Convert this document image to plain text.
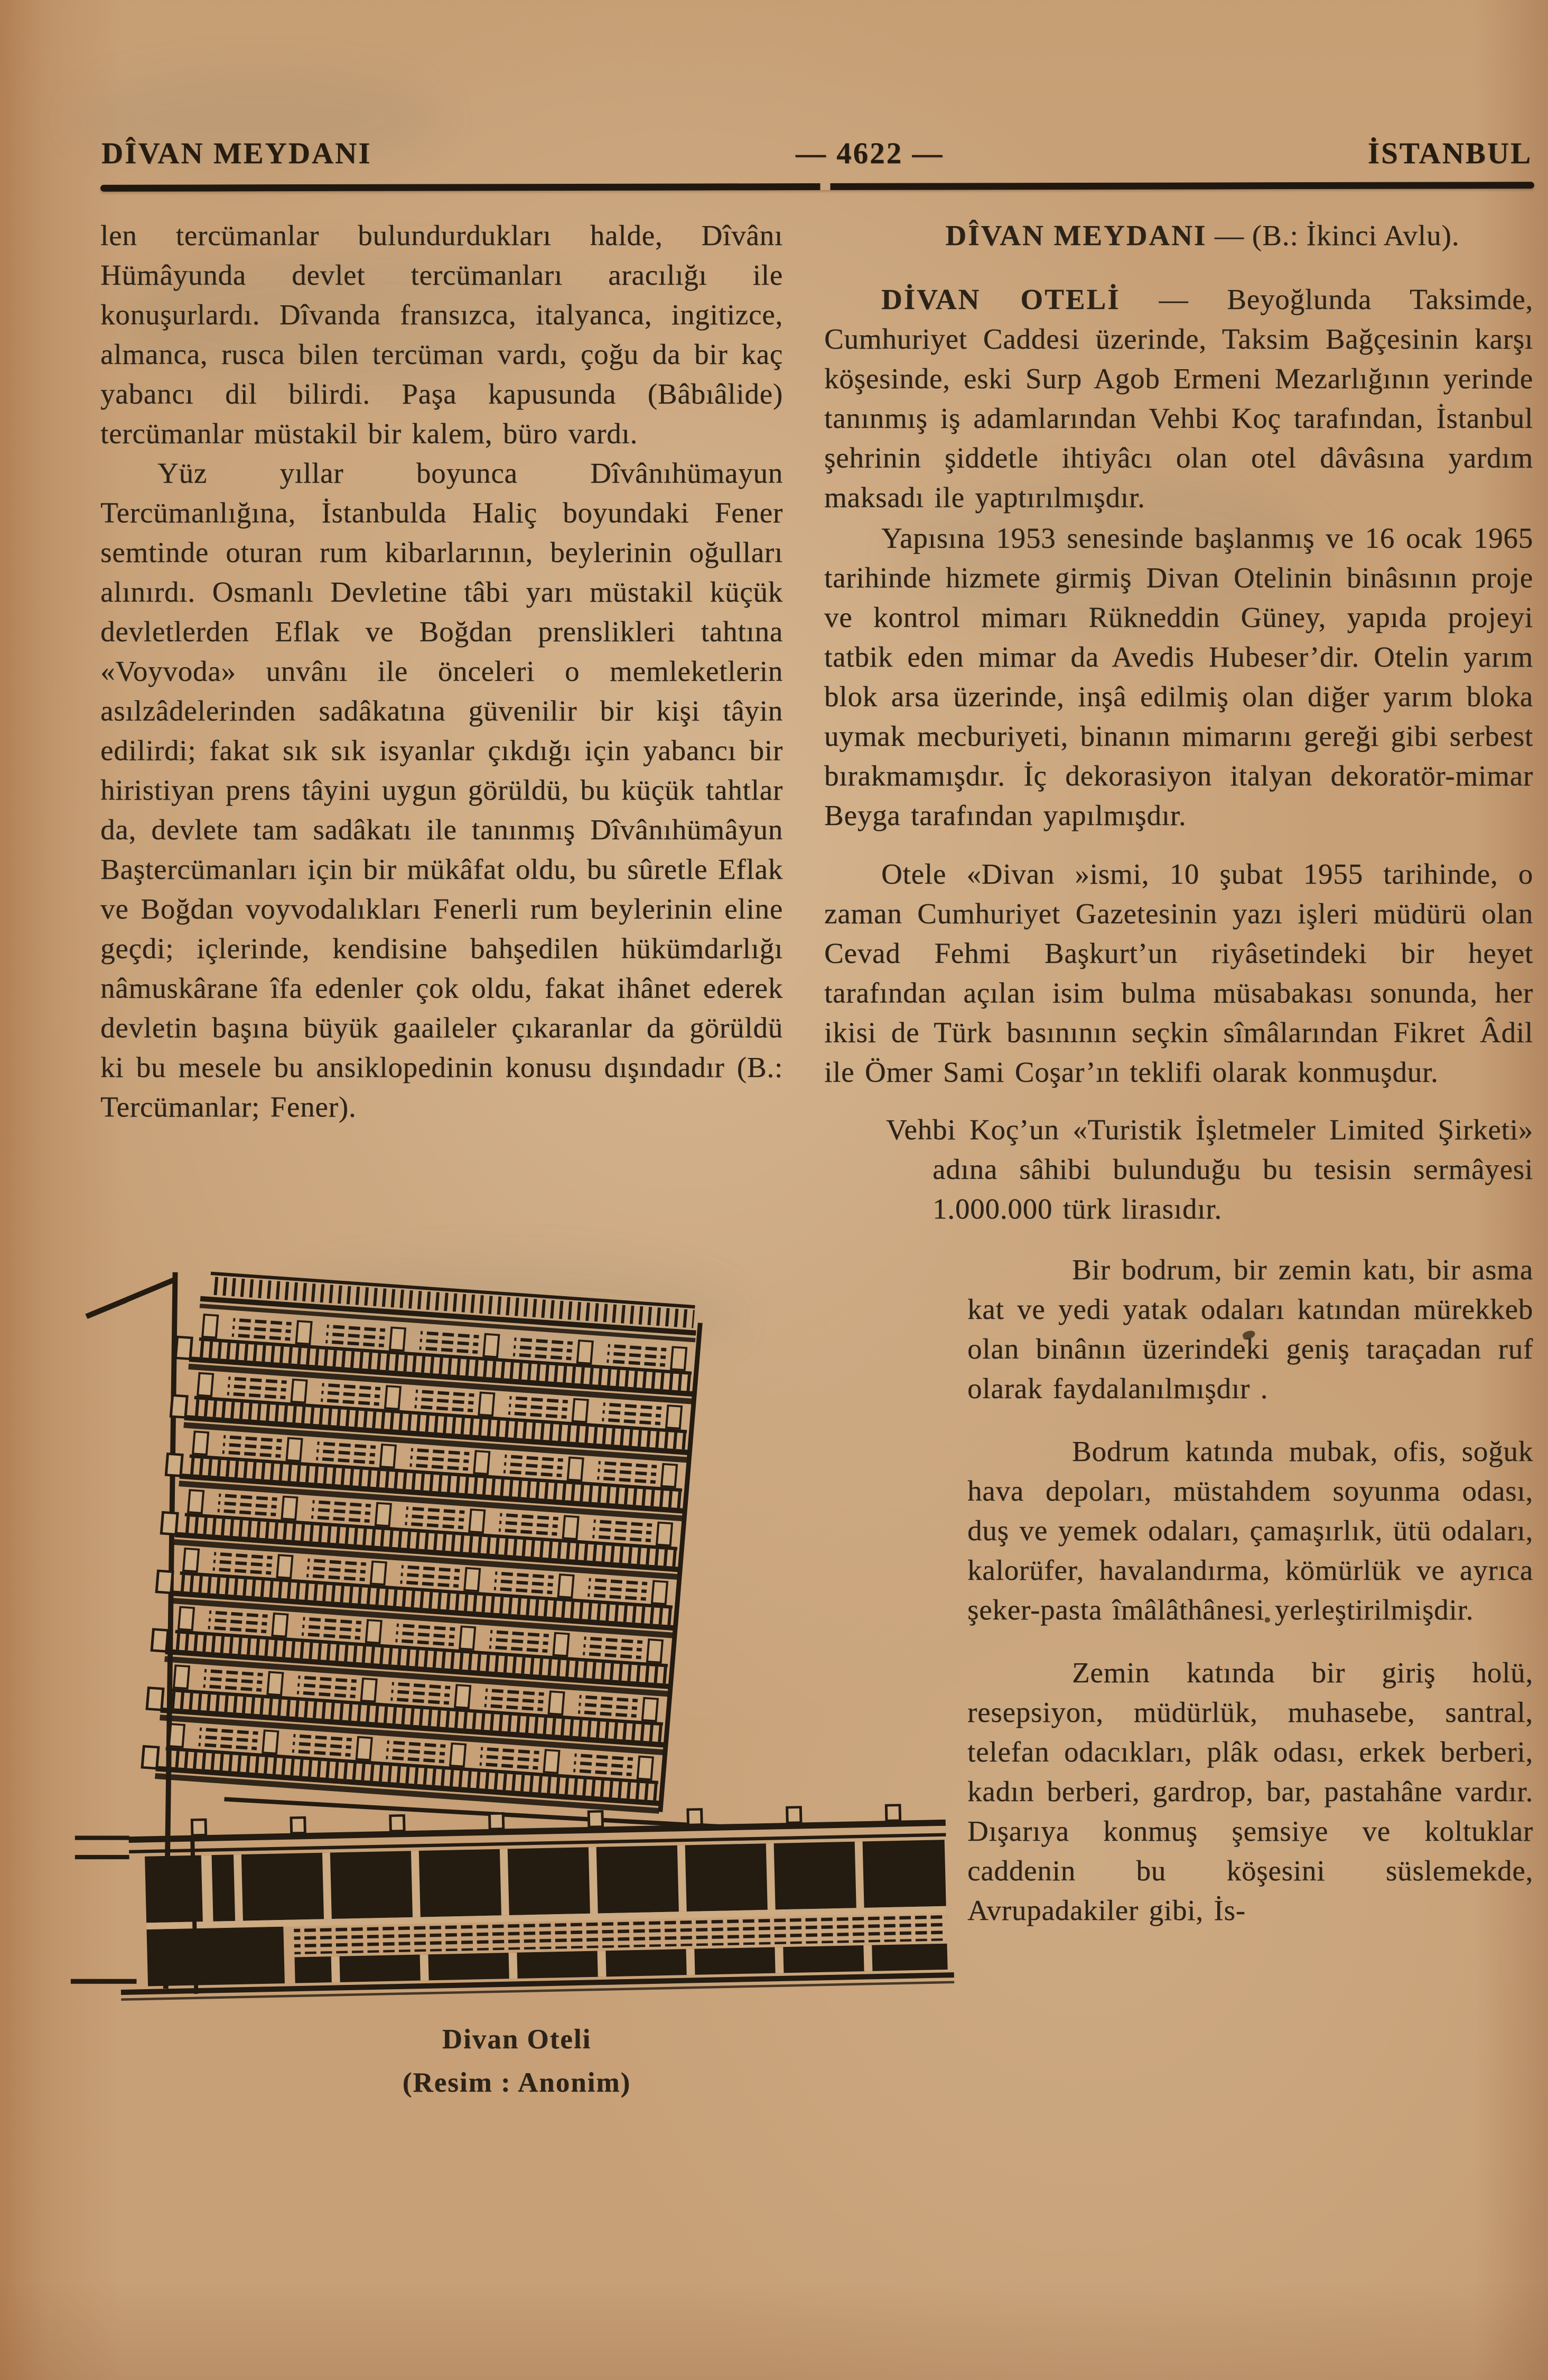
DÎVAN MEYDANI	— 4622 —	İSTANBUL

len tercümanlar bulundurdukları halde, Dîvânı Hümâyunda devlet tercümanları aracılığı ile konuşurlardı. Dîvanda fransızca, italyanca, ingitizce, almanca, rusca bilen tercüman vardı, çoğu da bir kaç yabancı dil bilirdi. Paşa kapusunda (Bâbıâlide) tercümanlar müstakil bir kalem, büro vardı.

Yüz yıllar boyunca Dîvânıhümayun Tercümanlığına, İstanbulda Haliç boyundaki Fener semtinde oturan rum kibarlarının, beylerinin oğulları alınırdı. Osmanlı Devletine tâbi yarı müstakil küçük devletlerden Eflak ve Boğdan prenslikleri tahtına «Voyvoda» unvânı ile önceleri o memleketlerin asılzâdelerinden sadâkatına güvenilir bir kişi tâyin edilirdi; fakat sık sık isyanlar çıkdığı için yabancı bir hiristiyan prens tâyini uygun görüldü, bu küçük tahtlar da, devlete tam sadâkatı ile tanınmış Dîvânıhümâyun Baştercümanları için bir mükâfat oldu, bu sûretle Eflak ve Boğdan voyvodalıkları Fenerli rum beylerinin eline geçdi; içlerinde, kendisine bahşedilen hükümdarlığı nâmuskârane îfa edenler çok oldu, fakat ihânet ederek devletin başına büyük gaaileler çıkaranlar da görüldü ki bu mesele bu ansiklopedinin konusu dışındadır (B.: Tercümanlar; Fener).

Divan Oteli
(Resim : Anonim)
DÎVAN MEYDANI — (B.: İkinci Avlu).

DİVAN OTELİ — Beyoğlunda Taksimde, Cumhuriyet Caddesi üzerinde, Taksim Bağçesinin karşı köşesinde, eski Surp Agob Ermeni Mezarlığının yerinde tanınmış iş adamlarından Vehbi Koç tarafından, İstanbul şehrinin şiddetle ihtiyâcı olan otel dâvâsına yardım maksadı ile yaptırılmışdır.

Yapısına 1953 senesinde başlanmış ve 16 ocak 1965 tarihinde hizmete girmiş Divan Otelinin binâsının proje ve kontrol mimarı Rükneddin Güney, yapıda projeyi tatbik eden mimar da Avedis Hubeser’dir. Otelin yarım blok arsa üzerinde, inşâ edilmiş olan diğer yarım bloka uymak mecburiyeti, binanın mimarını gereği gibi serbest bırakmamışdır. İç dekorasiyon italyan dekoratör-mimar Beyga tarafından yapılmışdır.

Otele «Divan »ismi, 10 şubat 1955 tarihinde, o zaman Cumhuriyet Gazetesinin yazı işleri müdürü olan Cevad Fehmi Başkurt’un riyâsetindeki bir heyet tarafından açılan isim bulma müsabakası sonunda, her ikisi de Türk basınının seçkin sîmâlarından Fikret Âdil ile Ömer Sami Coşar’ın teklifi olarak konmuşdur.

Vehbi Koç’un «Turistik İşletmeler Limited Şirketi» adına sâhibi bulunduğu bu tesisin sermâyesi 1.000.000 türk lirasıdır.

Bir bodrum, bir zemin katı, bir asma kat ve yedi yatak odaları katından mürekkeb olan binânın üzerindeki geniş taraçadan ruf olarak faydalanılmışdır .

Bodrum katında mubak, ofis, soğuk hava depoları, müstahdem soyunma odası, duş ve yemek odaları, çamaşırlık, ütü odaları, kalorüfer, havalandırma, kömürlük ve ayrıca şeker-pasta îmâlâthânesi yerleştirilmişdir.

Zemin katında bir giriş holü, resepsiyon, müdürlük, muhasebe, santral, telefan odacıkları, plâk odası, erkek berberi, kadın berberi, gardrop, bar, pastahâne vardır. Dışarıya konmuş şemsiye ve koltuklar caddenin bu köşesini süslemekde, Avrupadakiler gibi, İs-
